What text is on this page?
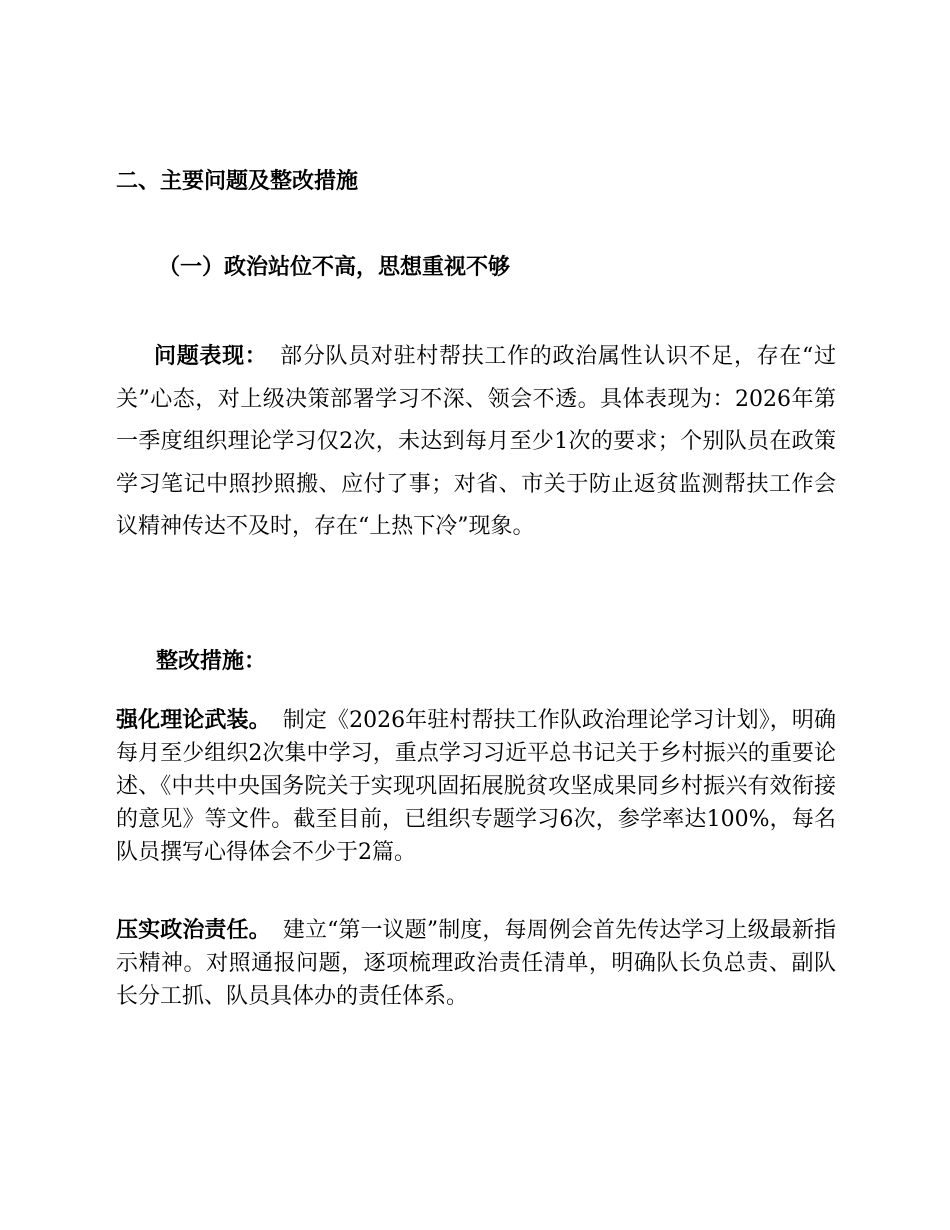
二、主要问题及整改措施
（一）政治站位不高，思想重视不够

问题表现： 部分队员对驻村帮扶工作的政治属性认识不足，存在“过关”心态，对上级决策部署学习不深、领会不透。具体表现为：2026年第一季度组织理论学习仅2次，未达到每月至少1次的要求；个别队员在政策学习笔记中照抄照搬、应付了事；对省、市关于防止返贫监测帮扶工作会议精神传达不及时，存在“上热下冷”现象。

整改措施：

强化理论武装。 制定《2026年驻村帮扶工作队政治理论学习计划》，明确每月至少组织2次集中学习，重点学习习近平总书记关于乡村振兴的重要论述、《中共中央国务院关于实现巩固拓展脱贫攻坚成果同乡村振兴有效衔接的意见》等文件。截至目前，已组织专题学习6次，参学率达100%，每名队员撰写心得体会不少于2篇。

压实政治责任。 建立“第一议题”制度，每周例会首先传达学习上级最新指示精神。对照通报问题，逐项梳理政治责任清单，明确队长负总责、副队长分工抓、队员具体办的责任体系。
